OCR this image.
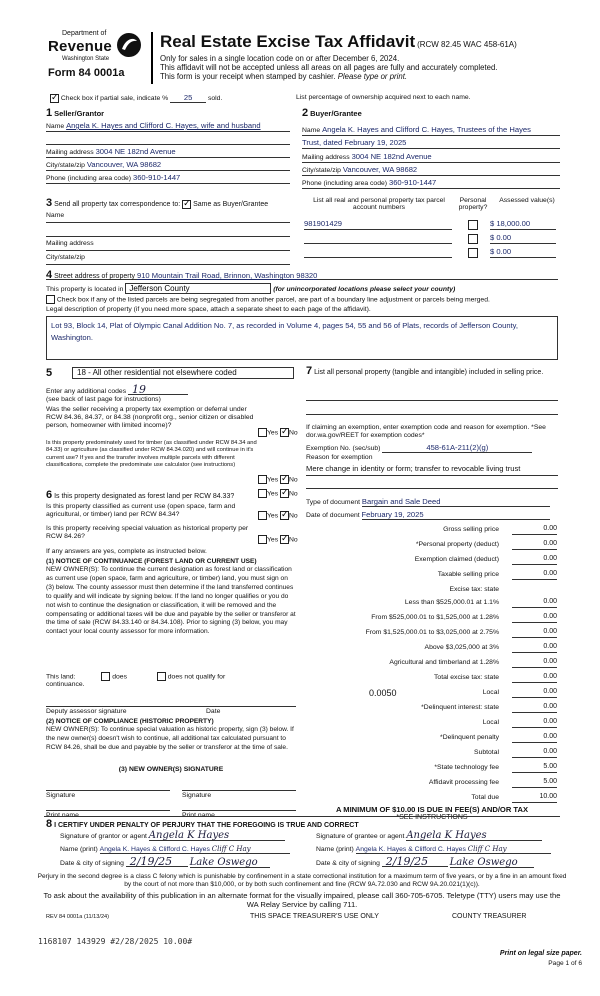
Department of
Revenue
Washington State
Form 84 0001a
Real Estate Excise Tax Affidavit (RCW 82.45 WAC 458-61A)
Only for sales in a single location code on or after December 6, 2024.
This affidavit will not be accepted unless all areas on all pages are fully and accurately completed.
This form is your receipt when stamped by cashier. Please type or print.
✓ Check box if partial sale, indicate % 25 sold.	List percentage of ownership acquired next to each name.
1 Seller/Grantor
Name Angela K. Hayes and Clifford C. Hayes, wife and husband
Mailing address 3004 NE 182nd Avenue
City/state/zip Vancouver, WA 98682
Phone (including area code) 360-910-1447
2 Buyer/Grantee
Name Angela K. Hayes and Clifford C. Hayes, Trustees of the Hayes
Trust, dated February 19, 2025
Mailing address 3004 NE 182nd Avenue
City/state/zip Vancouver, WA 98682
Phone (including area code) 360-910-1447
3 Send all property tax correspondence to: ✓ Same as Buyer/Grantee
Name
Mailing address
City/state/zip
List all real and personal property tax parcel account numbers
Personal property?
Assessed value(s)
981901429	$ 18,000.00
$ 0.00
$ 0.00
4 Street address of property 910 Mountain Trail Road, Brinnon, Washington 98320
This property is located in Jefferson County	(for unincorporated locations please select your county)
Check box if any of the listed parcels are being segregated from another parcel, are part of a boundary line adjustment or parcels being merged.
Legal description of property (if you need more space, attach a separate sheet to each page of the affidavit).
Lot 93, Block 14, Plat of Olympic Canal Addition No. 7, as recorded in Volume 4, pages 54, 55 and 56 of Plats, records of Jefferson County, Washington.
5	18 - All other residential not elsewhere coded
Enter any additional codes 19
(see back of last page for instructions)
Was the seller receiving a property tax exemption or deferral under RCW 84.36, 84.37, or 84.38 (nonprofit org., senior citizen or disabled person, homeowner with limited income)?
Yes ✓ No
Is this property predominately used for timber (as classified under RCW 84.34 and 84.33) or agriculture (as classified under RCW 84.34.020) and will continue in it's current use? If yes and the transfer involves multiple parcels with different classifications, complete the predominate use calculator (see instructions)
Yes ✓ No
6 Is this property designated as forest land per RCW 84.33?	Yes ✓ No
Is this property classified as current use (open space, farm and agricultural, or timber) land per RCW 84.34?	Yes ✓ No
Is this property receiving special valuation as historical property per RCW 84.26?	Yes ✓ No
If any answers are yes, complete as instructed below.
(1) NOTICE OF CONTINUANCE (FOREST LAND OR CURRENT USE)
NEW OWNER(S): To continue the current designation as forest land or classification as current use (open space, farm and agriculture, or timber) land, you must sign on (3) below. The county assessor must then determine if the land transferred continues to qualify and will indicate by signing below. If the land no longer qualifies or you do not wish to continue the designation or classification, it will be removed and the compensating or additional taxes will be due and payable by the seller or transferor at the time of sale (RCW 84.33.140 or 84.34.108). Prior to signing (3) below, you may contact your local county assessor for more information.
This land:	does	does not qualify for
continuance.
Deputy assessor signature	Date
(2) NOTICE OF COMPLIANCE (HISTORIC PROPERTY)
NEW OWNER(S): To continue special valuation as historic property, sign (3) below. If the new owner(s) doesn't wish to continue, all additional tax calculated pursuant to RCW 84.26, shall be due and payable by the seller or transferor at the time of sale.
(3) NEW OWNER(S) SIGNATURE
Signature	Signature
Print name	Print name
7 List all personal property (tangible and intangible) included in selling price.
If claiming an exemption, enter exemption code and reason for exemption. *See dor.wa.gov/REET for exemption codes*
Exemption No. (sec/sub)	458-61A-211(2)(g)
Reason for exemption
Mere change in identity or form; transfer to revocable living trust
Type of document Bargain and Sale Deed
Date of document February 19, 2025
Gross selling price	0.00
*Personal property (deduct)	0.00
Exemption claimed (deduct)	0.00
Taxable selling price	0.00
Excise tax: state
Less than $525,000.01 at 1.1%	0.00
From $525,000.01 to $1,525,000 at 1.28%	0.00
From $1,525,000.01 to $3,025,000 at 2.75%	0.00
Above $3,025,000 at 3%	0.00
Agricultural and timberland at 1.28%	0.00
Total excise tax: state	0.00
0.0050	Local	0.00
*Delinquent interest: state	0.00
Local	0.00
*Delinquent penalty	0.00
Subtotal	0.00
*State technology fee	5.00
Affidavit processing fee	5.00
Total due	10.00
A MINIMUM OF $10.00 IS DUE IN FEE(S) AND/OR TAX
*SEE INSTRUCTIONS
8 I CERTIFY UNDER PENALTY OF PERJURY THAT THE FOREGOING IS TRUE AND CORRECT
Signature of grantor or agent Angela K Hayes
Name (print) Angela K. Hayes & Clifford C. Hayes Cliff C Hay
Date & city of signing 2/19/25 Lake Oswego
Signature of grantee or agent Angela K Hayes
Name (print) Angela K. Hayes & Clifford C. Hayes Cliff C Hay
Date & city of signing 2/19/25 Lake Oswego
Perjury in the second degree is a class C felony which is punishable by confinement in a state correctional institution for a maximum term of five years, or by a fine in an amount fixed by the court of not more than $10,000, or by both such confinement and fine (RCW 9A.72.030 and RCW 9A.20.021(1)(c)).
To ask about the availability of this publication in an alternate format for the visually impaired, please call 360-705-6705. Teletype (TTY) users may use the WA Relay Service by calling 711.
REV 84 0001a (11/13/24)	THIS SPACE TREASURER'S USE ONLY	COUNTY TREASURER
1168107 143929 #2/28/2025 10.00#
Print on legal size paper.
Page 1 of 6
